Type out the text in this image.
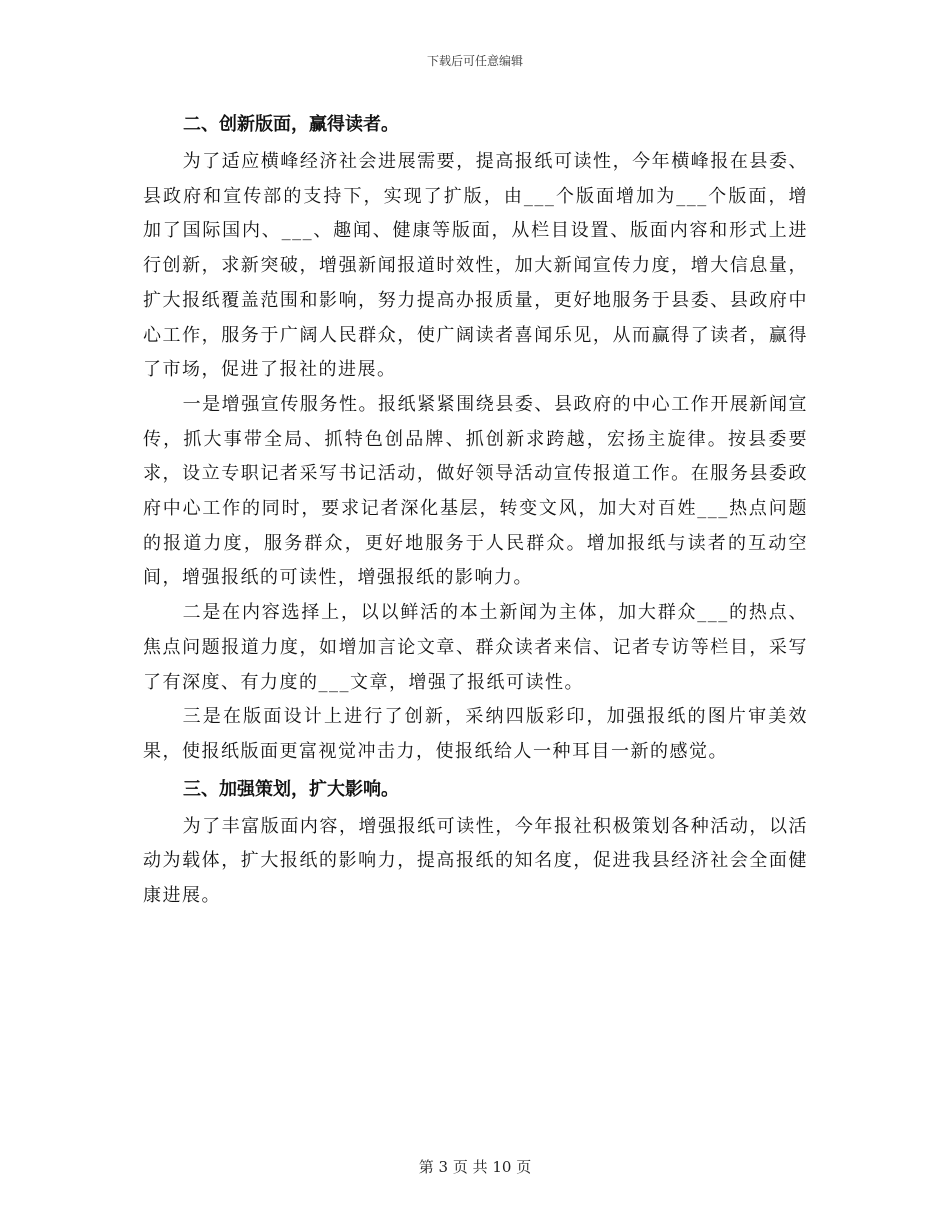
下载后可任意编辑

二、创新版面，赢得读者。

为了适应横峰经济社会进展需要，提高报纸可读性，今年横峰报在县委、县政府和宣传部的支持下，实现了扩版，由___个版面增加为___个版面，增加了国际国内、___、趣闻、健康等版面，从栏目设置、版面内容和形式上进行创新，求新突破，增强新闻报道时效性，加大新闻宣传力度，增大信息量，扩大报纸覆盖范围和影响，努力提高办报质量，更好地服务于县委、县政府中心工作，服务于广阔人民群众，使广阔读者喜闻乐见，从而赢得了读者，赢得了市场，促进了报社的进展。

一是增强宣传服务性。报纸紧紧围绕县委、县政府的中心工作开展新闻宣传，抓大事带全局、抓特色创品牌、抓创新求跨越，宏扬主旋律。按县委要求，设立专职记者采写书记活动，做好领导活动宣传报道工作。在服务县委政府中心工作的同时，要求记者深化基层，转变文风，加大对百姓___热点问题的报道力度，服务群众，更好地服务于人民群众。增加报纸与读者的互动空间，增强报纸的可读性，增强报纸的影响力。

二是在内容选择上，以以鲜活的本土新闻为主体，加大群众___的热点、焦点问题报道力度，如增加言论文章、群众读者来信、记者专访等栏目，采写了有深度、有力度的___文章，增强了报纸可读性。

三是在版面设计上进行了创新，采纳四版彩印，加强报纸的图片审美效果，使报纸版面更富视觉冲击力，使报纸给人一种耳目一新的感觉。

三、加强策划，扩大影响。

为了丰富版面内容，增强报纸可读性，今年报社积极策划各种活动，以活动为载体，扩大报纸的影响力，提高报纸的知名度，促进我县经济社会全面健康进展。

第 3 页 共 10 页
